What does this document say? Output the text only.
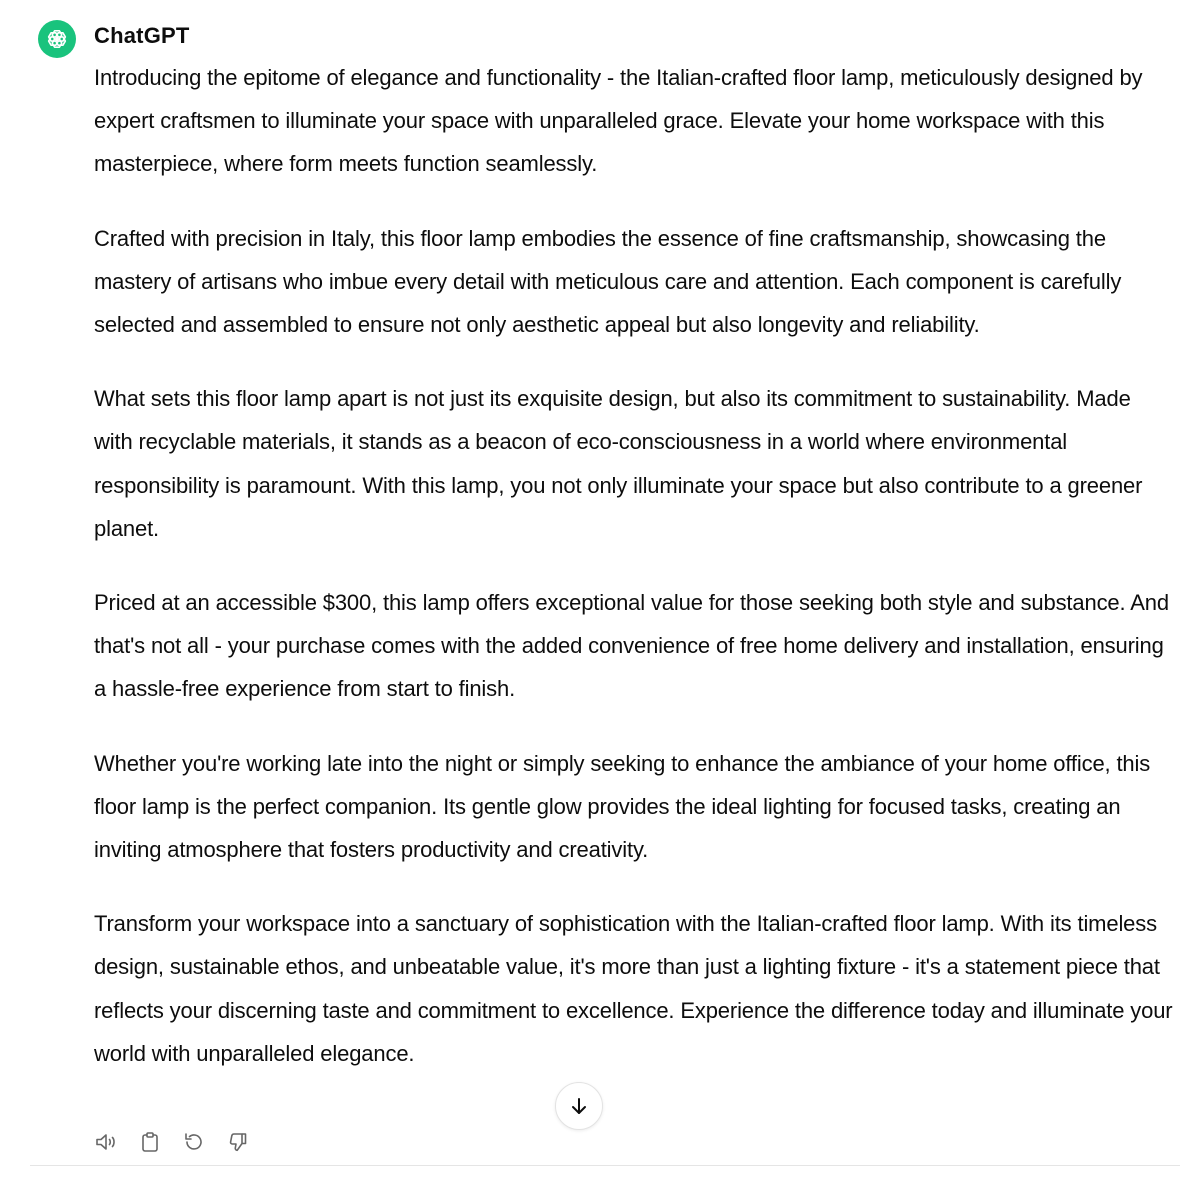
ChatGPT

Introducing the epitome of elegance and functionality - the Italian-crafted floor lamp, meticulously designed by expert craftsmen to illuminate your space with unparalleled grace. Elevate your home workspace with this masterpiece, where form meets function seamlessly.

Crafted with precision in Italy, this floor lamp embodies the essence of fine craftsmanship, showcasing the mastery of artisans who imbue every detail with meticulous care and attention. Each component is carefully selected and assembled to ensure not only aesthetic appeal but also longevity and reliability.

What sets this floor lamp apart is not just its exquisite design, but also its commitment to sustainability. Made with recyclable materials, it stands as a beacon of eco-consciousness in a world where environmental responsibility is paramount. With this lamp, you not only illuminate your space but also contribute to a greener planet.

Priced at an accessible $300, this lamp offers exceptional value for those seeking both style and substance. And that's not all - your purchase comes with the added convenience of free home delivery and installation, ensuring a hassle-free experience from start to finish.

Whether you're working late into the night or simply seeking to enhance the ambiance of your home office, this floor lamp is the perfect companion. Its gentle glow provides the ideal lighting for focused tasks, creating an inviting atmosphere that fosters productivity and creativity.

Transform your workspace into a sanctuary of sophistication with the Italian-crafted floor lamp. With its timeless design, sustainable ethos, and unbeatable value, it's more than just a lighting fixture - it's a statement piece that reflects your discerning taste and commitment to excellence. Experience the difference today and illuminate your world with unparalleled elegance.
